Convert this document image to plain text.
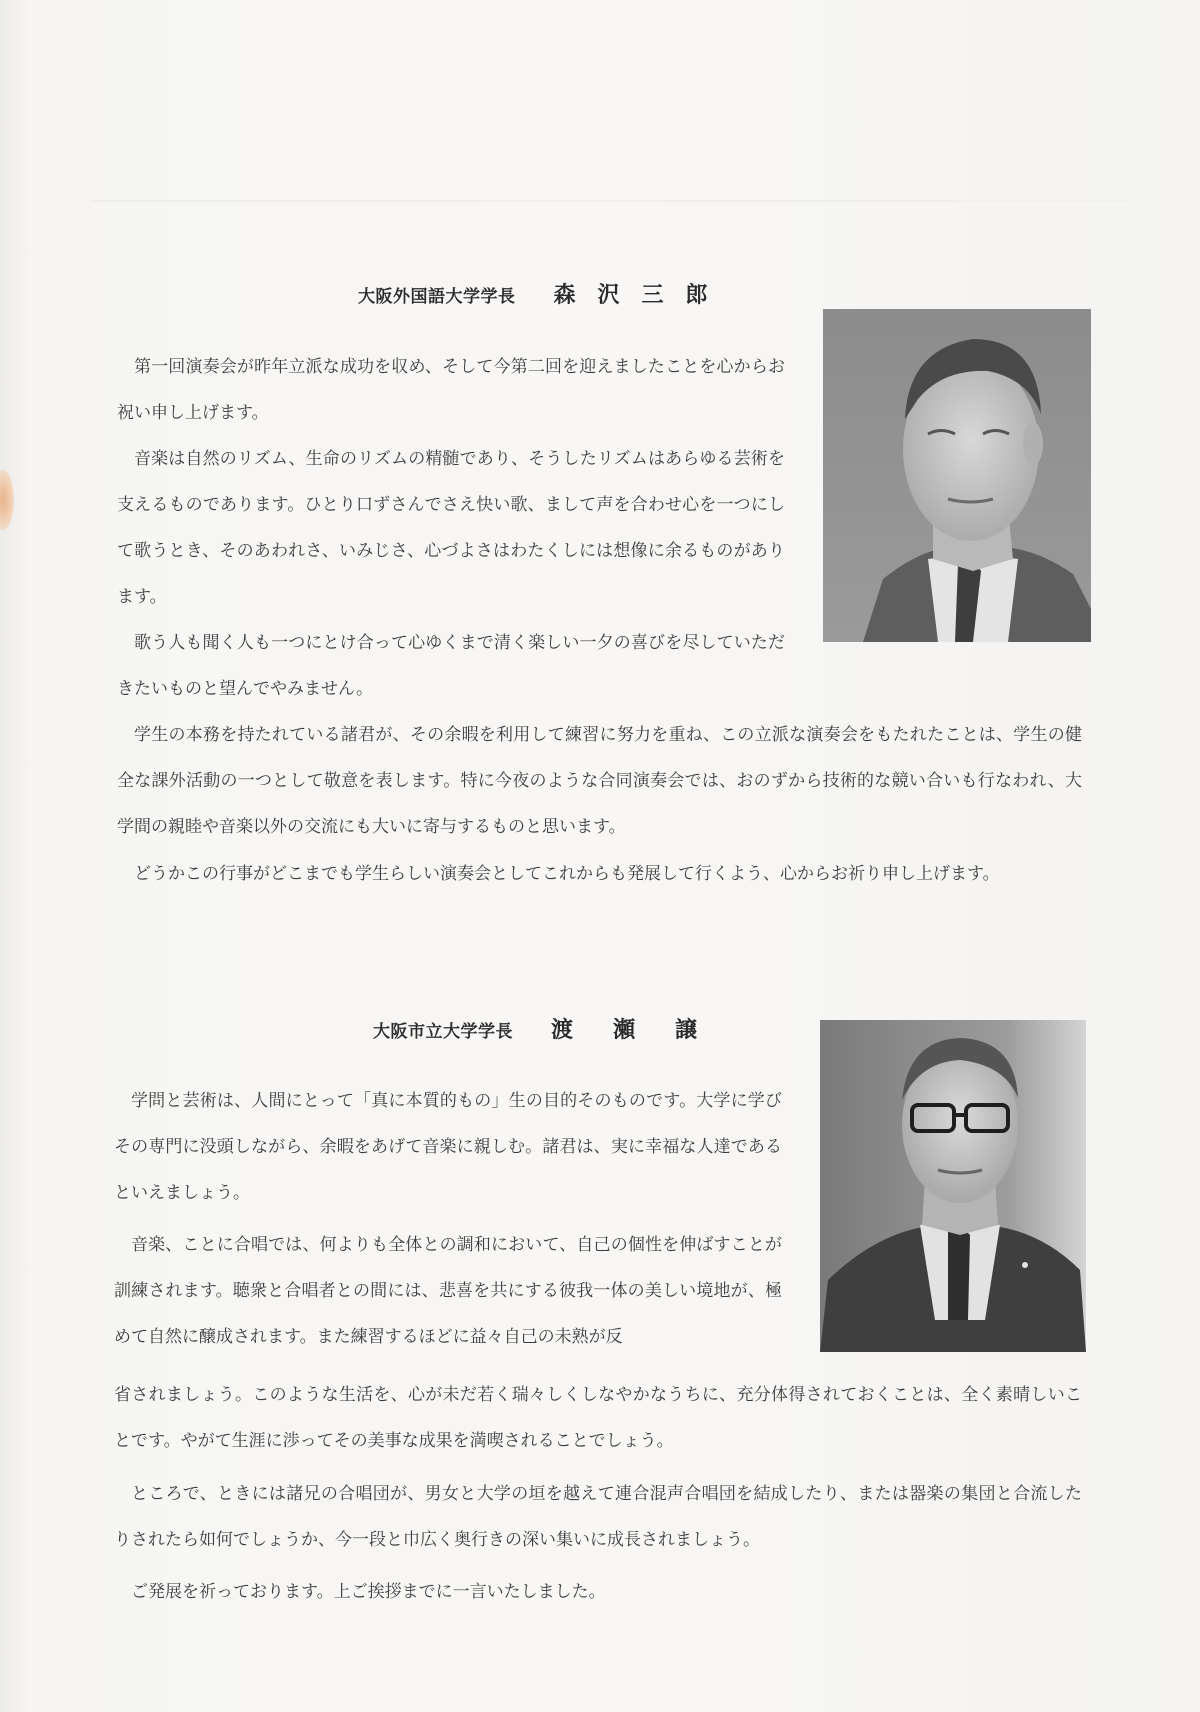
大阪外国語大学学長 森沢三郎

第一回演奏会が昨年立派な成功を収め、そして今第二回を迎えましたことを心からお祝い申し上げます。

音楽は自然のリズム、生命のリズムの精髄であり、そうしたリズムはあらゆる芸術を支えるものであります。ひとり口ずさんでさえ快い歌、まして声を合わせ心を一つにして歌うとき、そのあわれさ、いみじさ、心づよさはわたくしには想像に余るものがあります。

歌う人も聞く人も一つにとけ合って心ゆくまで清く楽しい一夕の喜びを尽していただきたいものと望んでやみません。

学生の本務を持たれている諸君が、その余暇を利用して練習に努力を重ね、この立派な演奏会をもたれたことは、学生の健全な課外活動の一つとして敬意を表します。特に今夜のような合同演奏会では、おのずから技術的な競い合いも行なわれ、大学間の親睦や音楽以外の交流にも大いに寄与するものと思います。

どうかこの行事がどこまでも学生らしい演奏会としてこれからも発展して行くよう、心からお祈り申し上げます。

大阪市立大学学長 渡瀬譲

学問と芸術は、人間にとって「真に本質的もの」生の目的そのものです。大学に学びその専門に没頭しながら、余暇をあげて音楽に親しむ。諸君は、実に幸福な人達であるといえましょう。

音楽、ことに合唱では、何よりも全体との調和において、自己の個性を伸ばすことが訓練されます。聴衆と合唱者との間には、悲喜を共にする彼我一体の美しい境地が、極めて自然に醸成されます。また練習するほどに益々自己の未熟が反

省されましょう。このような生活を、心が未だ若く瑞々しくしなやかなうちに、充分体得されておくことは、全く素晴しいことです。やがて生涯に渉ってその美事な成果を満喫されることでしょう。

ところで、ときには諸兄の合唱団が、男女と大学の垣を越えて連合混声合唱団を結成したり、または器楽の集団と合流したりされたら如何でしょうか、今一段と巾広く奥行きの深い集いに成長されましょう。

ご発展を祈っております。上ご挨拶までに一言いたしました。
